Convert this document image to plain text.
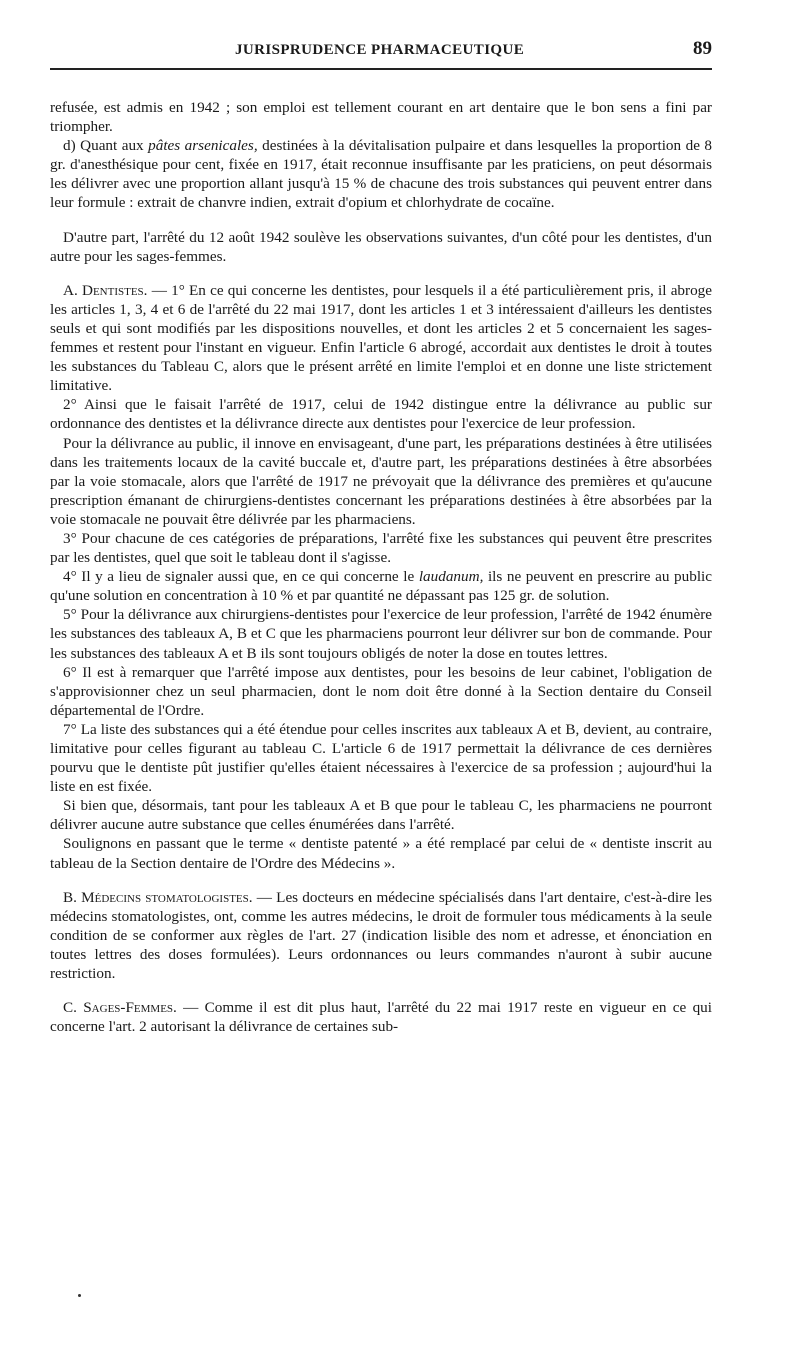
JURISPRUDENCE PHARMACEUTIQUE	89

refusée, est admis en 1942 ; son emploi est tellement courant en art dentaire que le bon sens a fini par triompher.

d) Quant aux pâtes arsenicales, destinées à la dévitalisation pulpaire et dans lesquelles la proportion de 8 gr. d'anesthésique pour cent, fixée en 1917, était reconnue insuffisante par les praticiens, on peut désormais les délivrer avec une proportion allant jusqu'à 15 % de chacune des trois substances qui peuvent entrer dans leur formule : extrait de chanvre indien, extrait d'opium et chlorhydrate de cocaïne.

D'autre part, l'arrêté du 12 août 1942 soulève les observations suivantes, d'un côté pour les dentistes, d'un autre pour les sages-femmes.

A. Dentistes. — 1° En ce qui concerne les dentistes, pour lesquels il a été particulièrement pris, il abroge les articles 1, 3, 4 et 6 de l'arrêté du 22 mai 1917, dont les articles 1 et 3 intéressaient d'ailleurs les dentistes seuls et qui sont modifiés par les dispositions nouvelles, et dont les articles 2 et 5 concernaient les sages-femmes et restent pour l'instant en vigueur. Enfin l'article 6 abrogé, accordait aux dentistes le droit à toutes les substances du Tableau C, alors que le présent arrêté en limite l'emploi et en donne une liste strictement limitative.

2° Ainsi que le faisait l'arrêté de 1917, celui de 1942 distingue entre la délivrance au public sur ordonnance des dentistes et la délivrance directe aux dentistes pour l'exercice de leur profession.

Pour la délivrance au public, il innove en envisageant, d'une part, les préparations destinées à être utilisées dans les traitements locaux de la cavité buccale et, d'autre part, les préparations destinées à être absorbées par la voie stomacale, alors que l'arrêté de 1917 ne prévoyait que la délivrance des premières et qu'aucune prescription émanant de chirurgiens-dentistes concernant les préparations destinées à être absorbées par la voie stomacale ne pouvait être délivrée par les pharmaciens.

3° Pour chacune de ces catégories de préparations, l'arrêté fixe les substances qui peuvent être prescrites par les dentistes, quel que soit le tableau dont il s'agisse.

4° Il y a lieu de signaler aussi que, en ce qui concerne le laudanum, ils ne peuvent en prescrire au public qu'une solution en concentration à 10 % et par quantité ne dépassant pas 125 gr. de solution.

5° Pour la délivrance aux chirurgiens-dentistes pour l'exercice de leur profession, l'arrêté de 1942 énumère les substances des tableaux A, B et C que les pharmaciens pourront leur délivrer sur bon de commande. Pour les substances des tableaux A et B ils sont toujours obligés de noter la dose en toutes lettres.

6° Il est à remarquer que l'arrêté impose aux dentistes, pour les besoins de leur cabinet, l'obligation de s'approvisionner chez un seul pharmacien, dont le nom doit être donné à la Section dentaire du Conseil départemental de l'Ordre.

7° La liste des substances qui a été étendue pour celles inscrites aux tableaux A et B, devient, au contraire, limitative pour celles figurant au tableau C. L'article 6 de 1917 permettait la délivrance de ces dernières pourvu que le dentiste pût justifier qu'elles étaient nécessaires à l'exercice de sa profession ; aujourd'hui la liste en est fixée.

Si bien que, désormais, tant pour les tableaux A et B que pour le tableau C, les pharmaciens ne pourront délivrer aucune autre substance que celles énumérées dans l'arrêté.

Soulignons en passant que le terme « dentiste patenté » a été remplacé par celui de « dentiste inscrit au tableau de la Section dentaire de l'Ordre des Médecins ».

B. Médecins stomatologistes. — Les docteurs en médecine spécialisés dans l'art dentaire, c'est-à-dire les médecins stomatologistes, ont, comme les autres médecins, le droit de formuler tous médicaments à la seule condition de se conformer aux règles de l'art. 27 (indication lisible des nom et adresse, et énonciation en toutes lettres des doses formulées). Leurs ordonnances ou leurs commandes n'auront à subir aucune restriction.

C. Sages-Femmes. — Comme il est dit plus haut, l'arrêté du 22 mai 1917 reste en vigueur en ce qui concerne l'art. 2 autorisant la délivrance de certaines sub-
